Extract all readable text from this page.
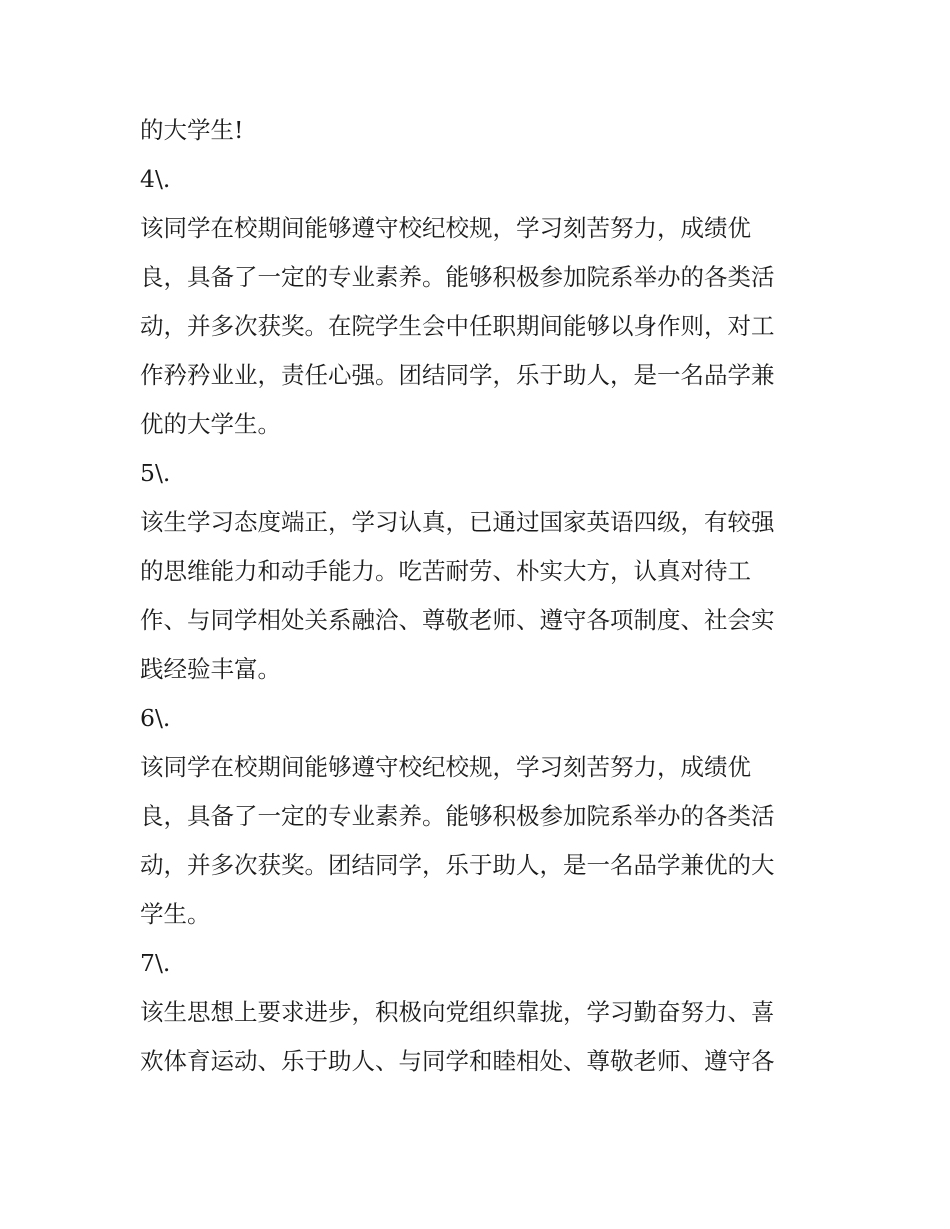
的大学生!
4\.
该同学在校期间能够遵守校纪校规，学习刻苦努力，成绩优
良，具备了一定的专业素养。能够积极参加院系举办的各类活
动，并多次获奖。在院学生会中任职期间能够以身作则，对工
作矜矜业业，责任心强。团结同学，乐于助人，是一名品学兼
优的大学生。
5\.
该生学习态度端正，学习认真，已通过国家英语四级，有较强
的思维能力和动手能力。吃苦耐劳、朴实大方，认真对待工
作、与同学相处关系融洽、尊敬老师、遵守各项制度、社会实
践经验丰富。
6\.
该同学在校期间能够遵守校纪校规，学习刻苦努力，成绩优
良，具备了一定的专业素养。能够积极参加院系举办的各类活
动，并多次获奖。团结同学，乐于助人，是一名品学兼优的大
学生。
7\.
该生思想上要求进步，积极向党组织靠拢，学习勤奋努力、喜
欢体育运动、乐于助人、与同学和睦相处、尊敬老师、遵守各
